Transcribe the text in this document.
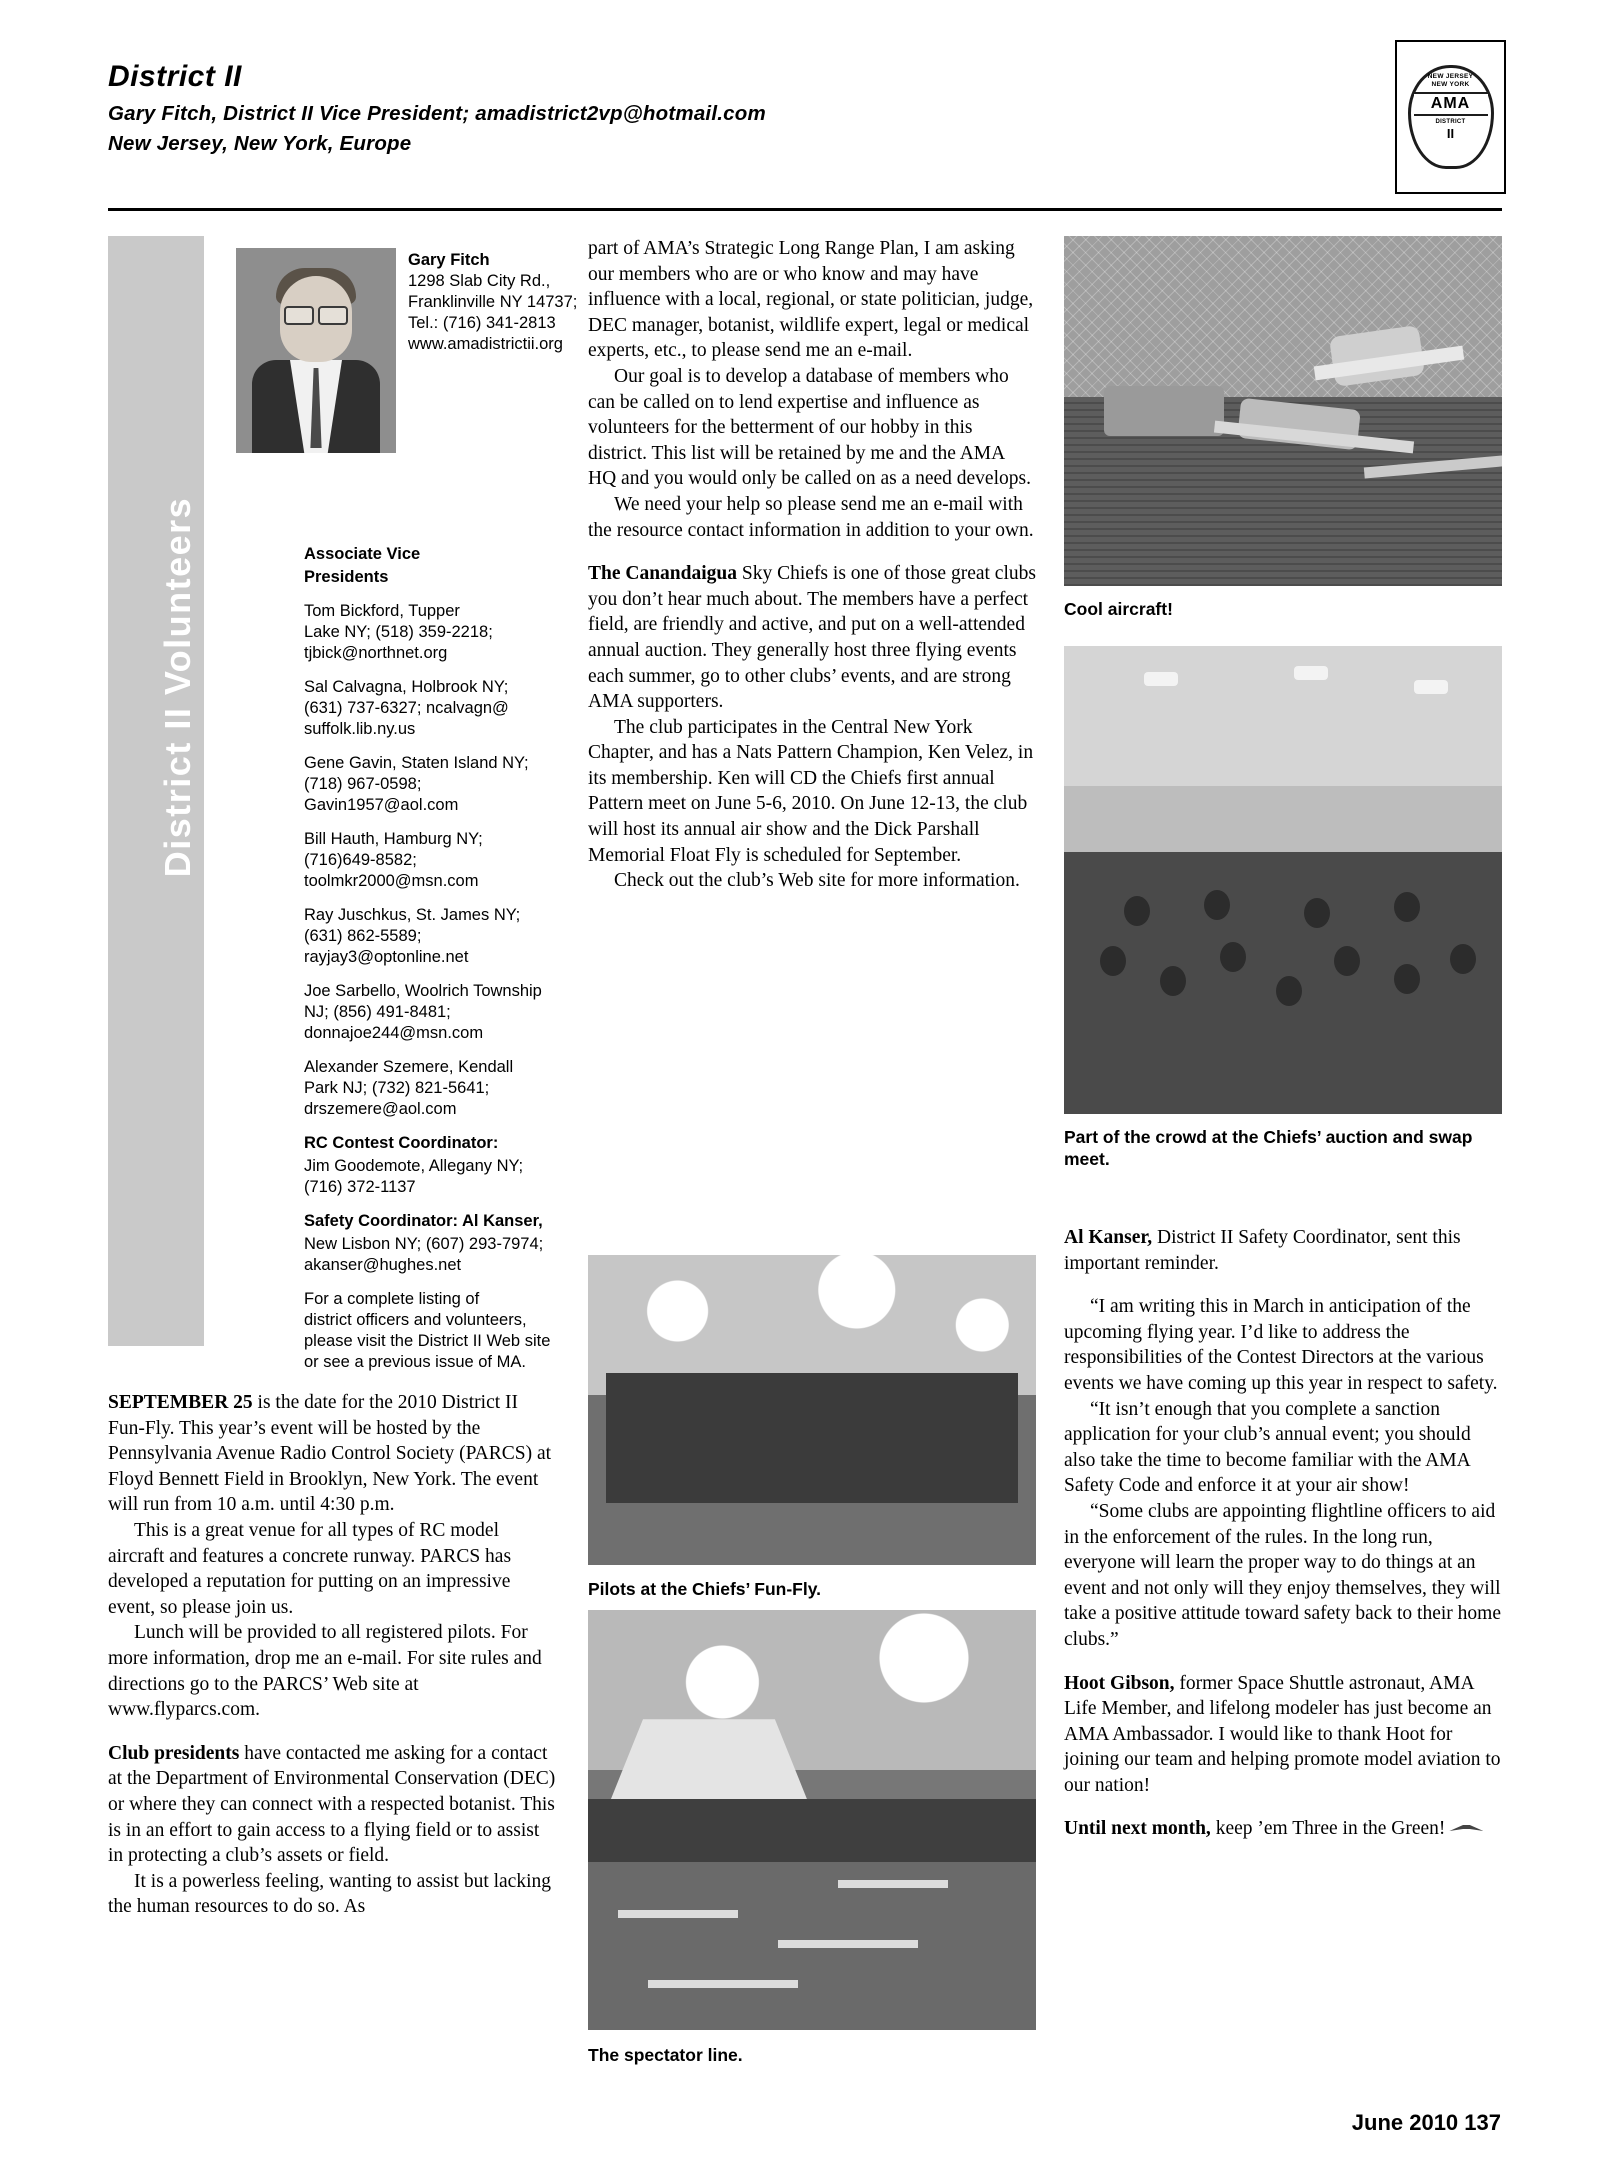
District II
Gary Fitch, District II Vice President; amadistrict2vp@hotmail.com
New Jersey, New York, Europe
NEW JERSEY
NEW YORK
AMA
DISTRICT
II
District II Volunteers
Gary Fitch
1298 Slab City Rd.,
Franklinville NY 14737;
Tel.: (716) 341-2813
www.amadistrictii.org
Associate Vice
Presidents
Tom Bickford, Tupper
Lake NY; (518) 359-2218;
tjbick@northnet.org
Sal Calvagna, Holbrook NY;
(631) 737-6327; ncalvagn@
suffolk.lib.ny.us
Gene Gavin, Staten Island NY;
(718) 967-0598;
Gavin1957@aol.com
Bill Hauth, Hamburg NY;
(716)649-8582;
toolmkr2000@msn.com
Ray Juschkus, St. James NY;
(631) 862-5589;
rayjay3@optonline.net
Joe Sarbello, Woolrich Township
NJ; (856) 491-8481;
donnajoe244@msn.com
Alexander Szemere, Kendall
Park NJ; (732) 821-5641;
drszemere@aol.com
RC Contest Coordinator:
Jim Goodemote, Allegany NY;
(716) 372-1137
Safety Coordinator: Al Kanser,
New Lisbon NY; (607) 293-7974;
akanser@hughes.net
For a complete listing of
district officers and volunteers,
please visit the District II Web site
or see a previous issue of MA.

SEPTEMBER 25 is the date for the 2010 District II Fun-Fly. This year’s event will be hosted by the Pennsylvania Avenue Radio Control Society (PARCS) at Floyd Bennett Field in Brooklyn, New York. The event will run from 10 a.m. until 4:30 p.m.

This is a great venue for all types of RC model aircraft and features a concrete runway. PARCS has developed a reputation for putting on an impressive event, so please join us.

Lunch will be provided to all registered pilots. For more information, drop me an e-mail. For site rules and directions go to the PARCS’ Web site at www.flyparcs.com.

Club presidents have contacted me asking for a contact at the Department of Environmental Conservation (DEC) or where they can connect with a respected botanist. This is in an effort to gain access to a flying field or to assist in protecting a club’s assets or field.

It is a powerless feeling, wanting to assist but lacking the human resources to do so. As

part of AMA’s Strategic Long Range Plan, I am asking our members who are or who know and may have influence with a local, regional, or state politician, judge, DEC manager, botanist, wildlife expert, legal or medical experts, etc., to please send me an e-mail.

Our goal is to develop a database of members who can be called on to lend expertise and influence as volunteers for the betterment of our hobby in this district. This list will be retained by me and the AMA HQ and you would only be called on as a need develops.

We need your help so please send me an e-mail with the resource contact information in addition to your own.

The Canandaigua Sky Chiefs is one of those great clubs you don’t hear much about. The members have a perfect field, are friendly and active, and put on a well-attended annual auction. They generally host three flying events each summer, go to other clubs’ events, and are strong AMA supporters.

The club participates in the Central New York Chapter, and has a Nats Pattern Champion, Ken Velez, in its membership. Ken will CD the Chiefs first annual Pattern meet on June 5-6, 2010. On June 12-13, the club will host its annual air show and the Dick Parshall Memorial Float Fly is scheduled for September.

Check out the club’s Web site for more information.

Al Kanser, District II Safety Coordinator, sent this important reminder.

“I am writing this in March in anticipation of the upcoming flying year. I’d like to address the responsibilities of the Contest Directors at the various events we have coming up this year in respect to safety.

“It isn’t enough that you complete a sanction application for your club’s annual event; you should also take the time to become familiar with the AMA Safety Code and enforce it at your air show!

“Some clubs are appointing flightline officers to aid in the enforcement of the rules. In the long run, everyone will learn the proper way to do things at an event and not only will they enjoy themselves, they will take a positive attitude toward safety back to their home clubs.”

Hoot Gibson, former Space Shuttle astronaut, AMA Life Member, and lifelong modeler has just become an AMA Ambassador. I would like to thank Hoot for joining our team and helping promote model aviation to our nation!

Until next month, keep ’em Three in the Green!

Cool aircraft!
Part of the crowd at the Chiefs’ auction and swap meet.
Pilots at the Chiefs’ Fun-Fly.
The spectator line.
June 2010 137
